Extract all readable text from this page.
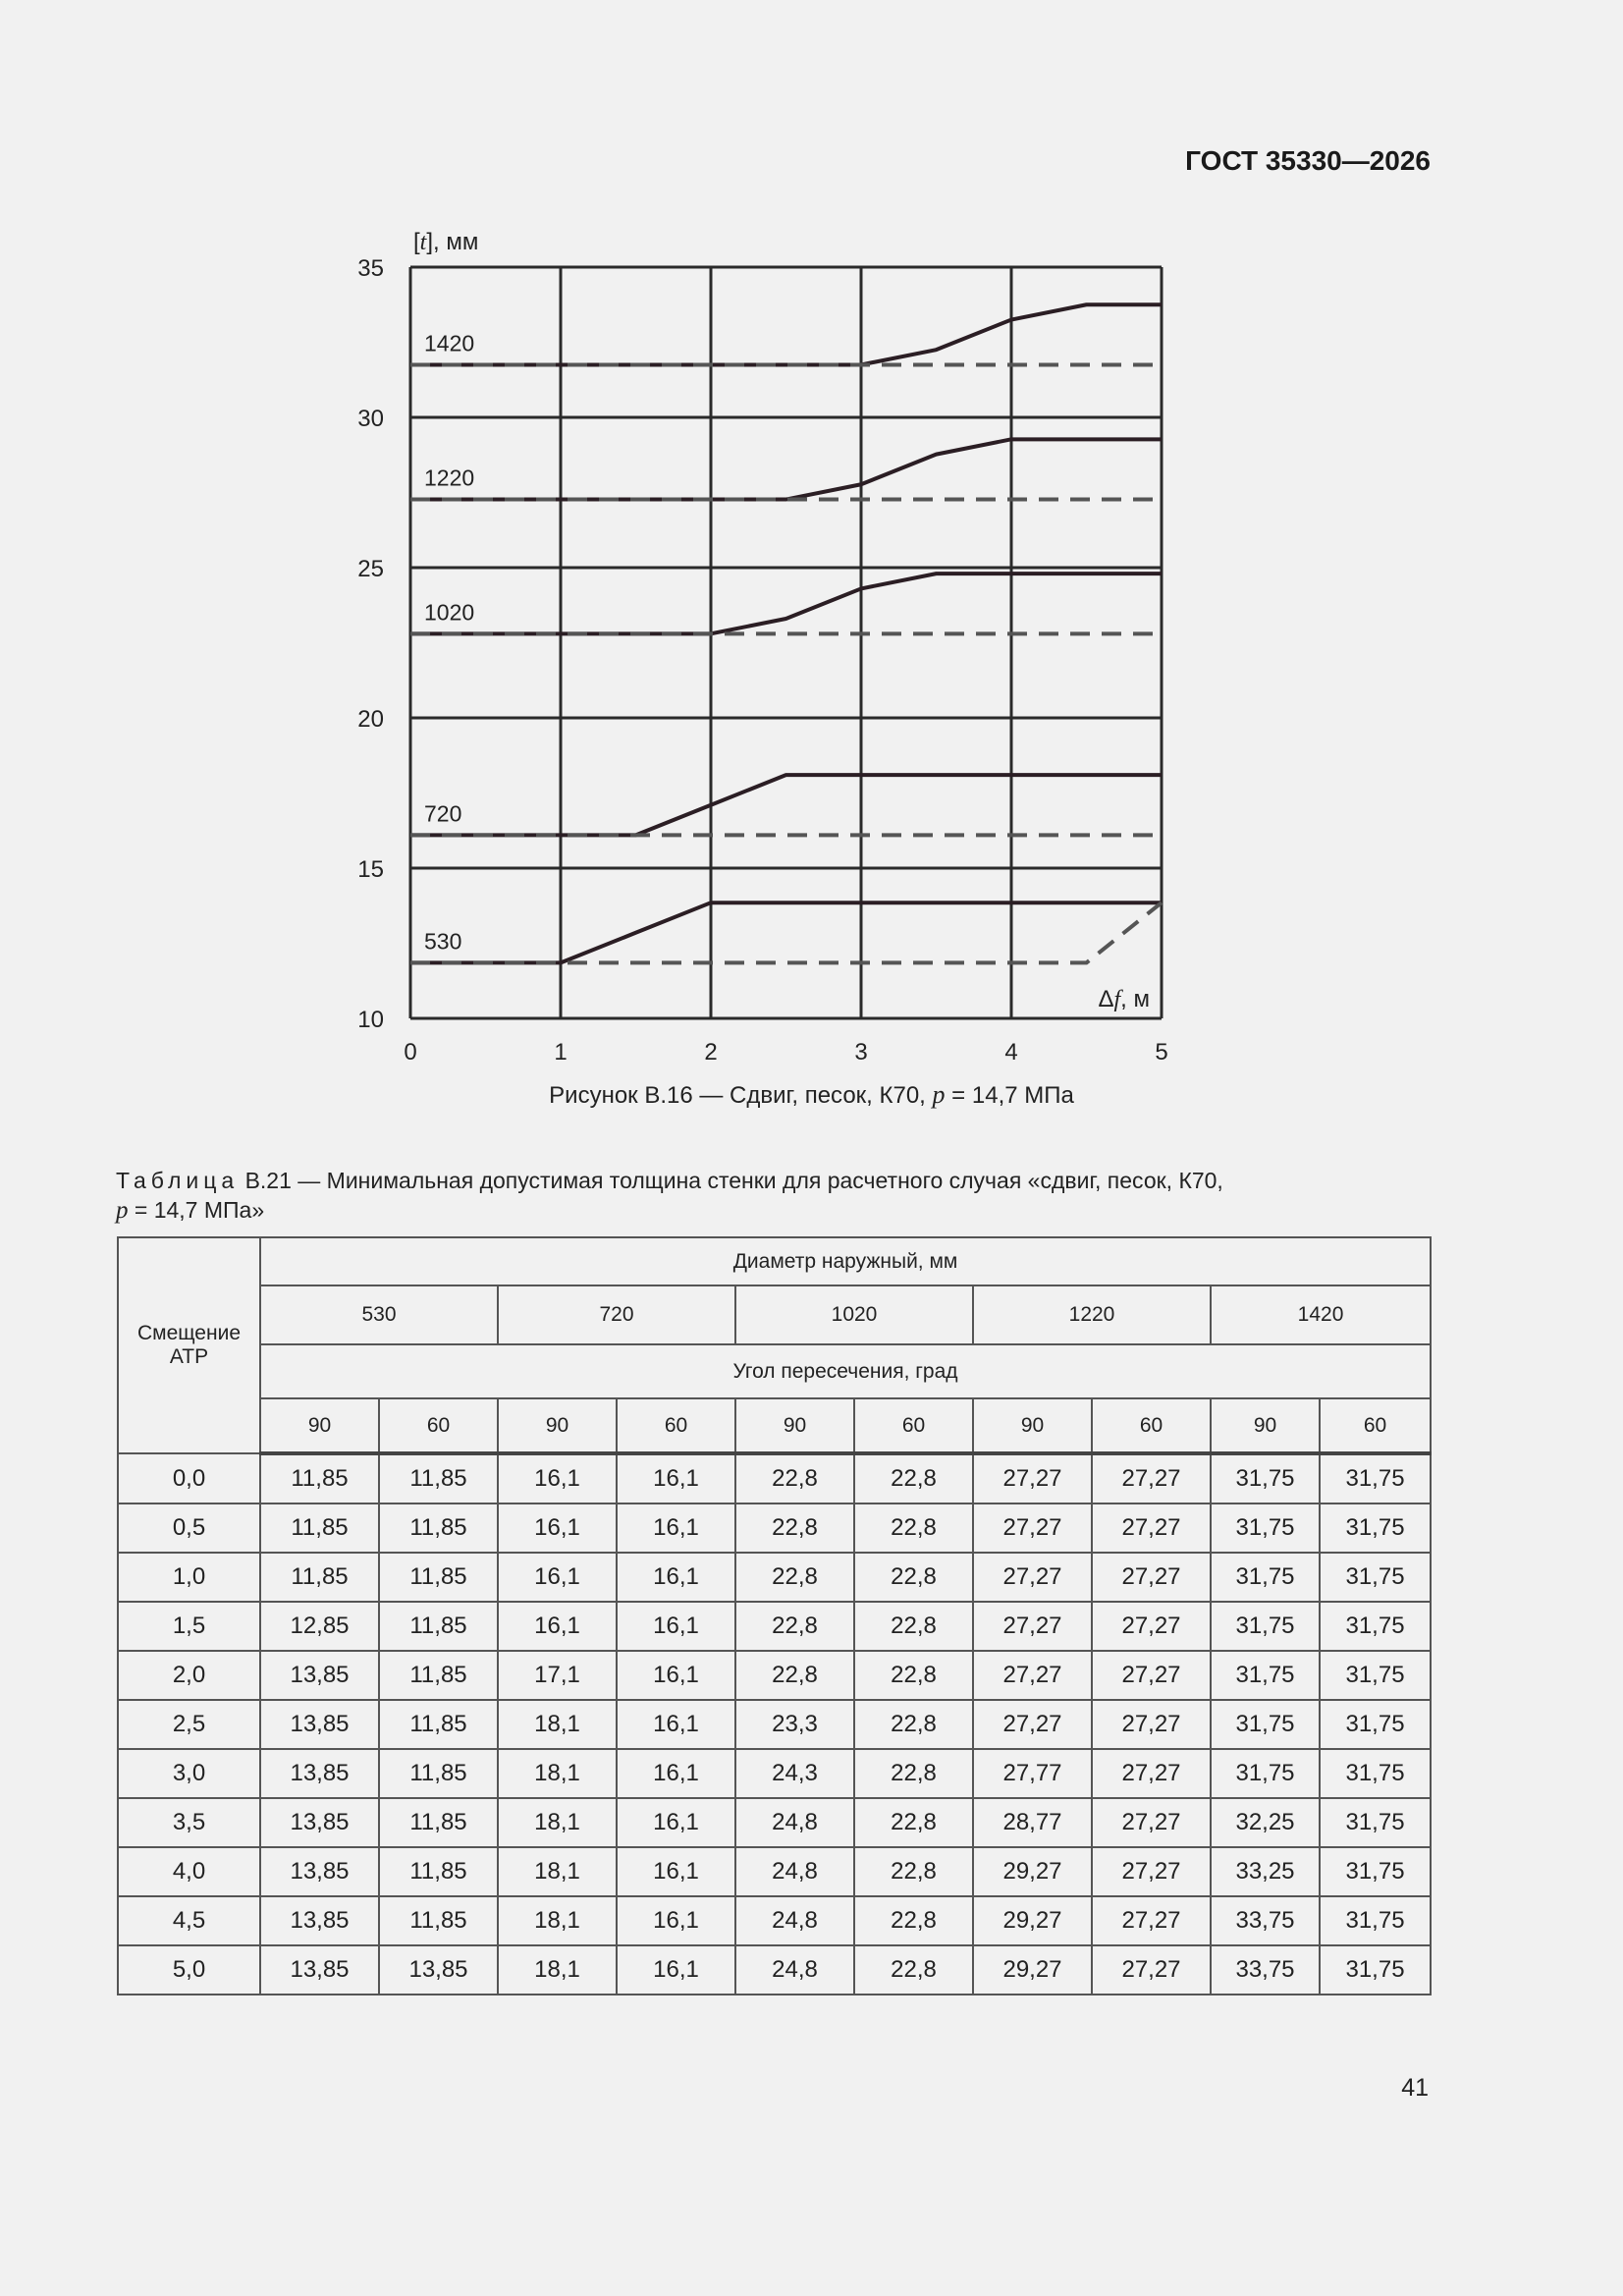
ГОСТ 35330—2026
10
15
20
25
30
35
0	1	2	3	4	5
[t], мм
Δf, м
530
720
1020
1220
1420
Рисунок В.16 — Сдвиг, песок, К70, p = 14,7 МПа
Таблица В.21 — Минимальная допустимая толщина стенки для расчетного случая «сдвиг, песок, К70,
p = 14,7 МПа»
Смещение АТР	Диаметр наружный, мм									
	530		720		1020		1220		1420	
	Угол пересечения, град									
	90	60	90	60	90	60	90	60	90	60
0,0	11,85	11,85	16,1	16,1	22,8	22,8	27,27	27,27	31,75	31,75
0,5	11,85	11,85	16,1	16,1	22,8	22,8	27,27	27,27	31,75	31,75
1,0	11,85	11,85	16,1	16,1	22,8	22,8	27,27	27,27	31,75	31,75
1,5	12,85	11,85	16,1	16,1	22,8	22,8	27,27	27,27	31,75	31,75
2,0	13,85	11,85	17,1	16,1	22,8	22,8	27,27	27,27	31,75	31,75
2,5	13,85	11,85	18,1	16,1	23,3	22,8	27,27	27,27	31,75	31,75
3,0	13,85	11,85	18,1	16,1	24,3	22,8	27,77	27,27	31,75	31,75
3,5	13,85	11,85	18,1	16,1	24,8	22,8	28,77	27,27	32,25	31,75
4,0	13,85	11,85	18,1	16,1	24,8	22,8	29,27	27,27	33,25	31,75
4,5	13,85	11,85	18,1	16,1	24,8	22,8	29,27	27,27	33,75	31,75
5,0	13,85	13,85	18,1	16,1	24,8	22,8	29,27	27,27	33,75	31,75
41
